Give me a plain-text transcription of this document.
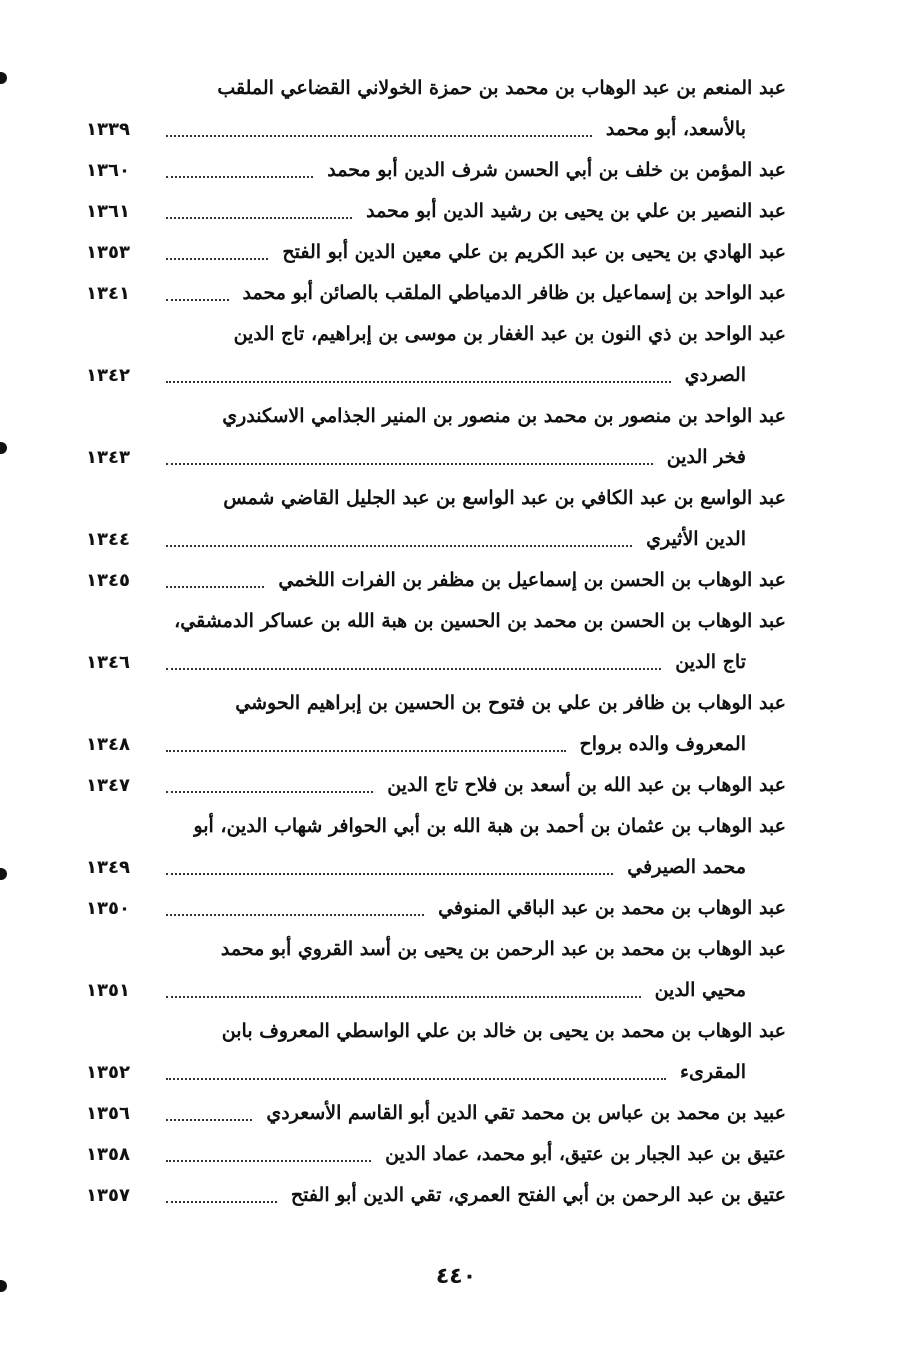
عبد المنعم بن عبد الوهاب بن محمد بن حمزة الخولاني القضاعي الملقب
بالأسعد، أبو محمد
١٣٣٩
عبد المؤمن بن خلف بن أبي الحسن شرف الدين أبو محمد
١٣٦٠
عبد النصير بن علي بن يحيى بن رشيد الدين أبو محمد
١٣٦١
عبد الهادي بن يحيى بن عبد الكريم بن علي معين الدين أبو الفتح
١٣٥٣
عبد الواحد بن إسماعيل بن ظافر الدمياطي الملقب بالصائن أبو محمد
١٣٤١
عبد الواحد بن ذي النون بن عبد الغفار بن موسى بن إبراهيم، تاج الدين
الصردي
١٣٤٢
عبد الواحد بن منصور بن محمد بن منصور بن المنير الجذامي الاسكندري
فخر الدين
١٣٤٣
عبد الواسع بن عبد الكافي بن عبد الواسع بن عبد الجليل القاضي شمس
الدين الأثيري
١٣٤٤
عبد الوهاب بن الحسن بن إسماعيل بن مظفر بن الفرات اللخمي
١٣٤٥
عبد الوهاب بن الحسن بن محمد بن الحسين بن هبة الله بن عساكر الدمشقي،
تاج الدين
١٣٤٦
عبد الوهاب بن ظافر بن علي بن فتوح بن الحسين بن إبراهيم الحوشي
المعروف والده برواح
١٣٤٨
عبد الوهاب بن عبد الله بن أسعد بن فلاح تاج الدين
١٣٤٧
عبد الوهاب بن عثمان بن أحمد بن هبة الله بن أبي الحوافر شهاب الدين، أبو
محمد الصيرفي
١٣٤٩
عبد الوهاب بن محمد بن عبد الباقي المنوفي
١٣٥٠
عبد الوهاب بن محمد بن عبد الرحمن بن يحيى بن أسد القروي أبو محمد
محيي الدين
١٣٥١
عبد الوهاب بن محمد بن يحيى بن خالد بن علي الواسطي المعروف بابن
المقرىء
١٣٥٢
عبيد بن محمد بن عباس بن محمد تقي الدين أبو القاسم الأسعردي
١٣٥٦
عتيق بن عبد الجبار بن عتيق، أبو محمد، عماد الدين
١٣٥٨
عتيق بن عبد الرحمن بن أبي الفتح العمري، تقي الدين أبو الفتح
١٣٥٧
٤٤٠
